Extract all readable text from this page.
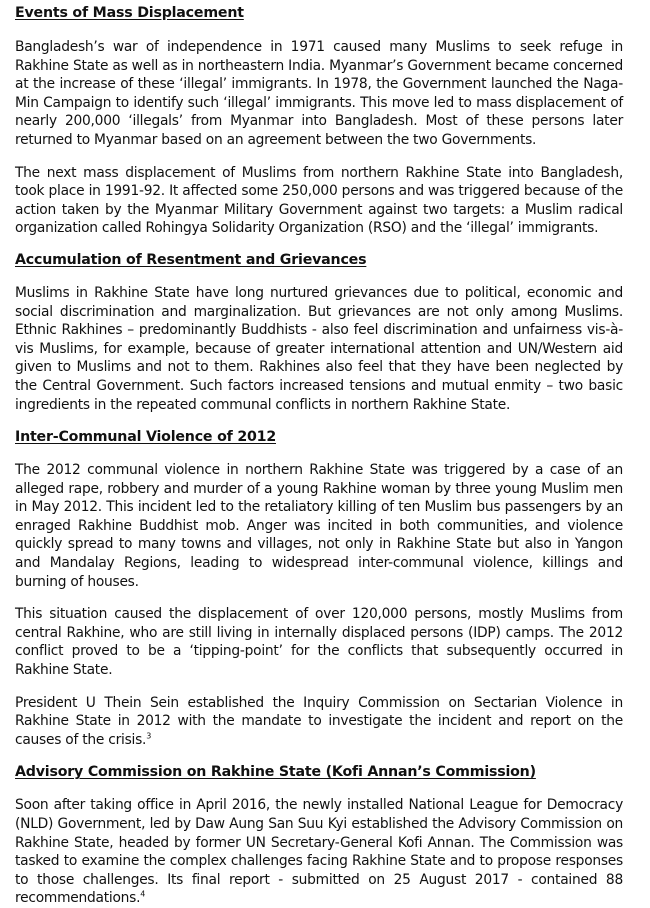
Events of Mass Displacement

Bangladesh’s war of independence in 1971 caused many Muslims to seek refuge in Rakhine State as well as in northeastern India. Myanmar’s Government became concerned at the increase of these ‘illegal’ immigrants. In 1978, the Government launched the Naga-Min Campaign to identify such ‘illegal’ immigrants. This move led to mass displacement of nearly 200,000 ‘illegals’ from Myanmar into Bangladesh. Most of these persons later returned to Myanmar based on an agreement between the two Governments.

The next mass displacement of Muslims from northern Rakhine State into Bangladesh, took place in 1991-92. It affected some 250,000 persons and was triggered because of the action taken by the Myanmar Military Government against two targets: a Muslim radical organization called Rohingya Solidarity Organization (RSO) and the ‘illegal’ immigrants.

Accumulation of Resentment and Grievances

Muslims in Rakhine State have long nurtured grievances due to political, economic and social discrimination and marginalization. But grievances are not only among Muslims. Ethnic Rakhines – predominantly Buddhists - also feel discrimination and unfairness vis-à-vis Muslims, for example, because of greater international attention and UN/Western aid given to Muslims and not to them. Rakhines also feel that they have been neglected by the Central Government. Such factors increased tensions and mutual enmity – two basic ingredients in the repeated communal conflicts in northern Rakhine State.

Inter-Communal Violence of 2012

The 2012 communal violence in northern Rakhine State was triggered by a case of an alleged rape, robbery and murder of a young Rakhine woman by three young Muslim men in May 2012. This incident led to the retaliatory killing of ten Muslim bus passengers by an enraged Rakhine Buddhist mob. Anger was incited in both communities, and violence quickly spread to many towns and villages, not only in Rakhine State but also in Yangon and Mandalay Regions, leading to widespread inter-communal violence, killings and burning of houses.

This situation caused the displacement of over 120,000 persons, mostly Muslims from central Rakhine, who are still living in internally displaced persons (IDP) camps. The 2012 conflict proved to be a ‘tipping-point’ for the conflicts that subsequently occurred in Rakhine State.

President U Thein Sein established the Inquiry Commission on Sectarian Violence in Rakhine State in 2012 with the mandate to investigate the incident and report on the causes of the crisis.$^3$

Advisory Commission on Rakhine State (Kofi Annan’s Commission)

Soon after taking office in April 2016, the newly installed National League for Democracy (NLD) Government, led by Daw Aung San Suu Kyi established the Advisory Commission on Rakhine State, headed by former UN Secretary-General Kofi Annan. The Commission was tasked to examine the complex challenges facing Rakhine State and to propose responses to those challenges. Its final report - submitted on 25 August 2017 - contained 88 recommendations.$^4$
